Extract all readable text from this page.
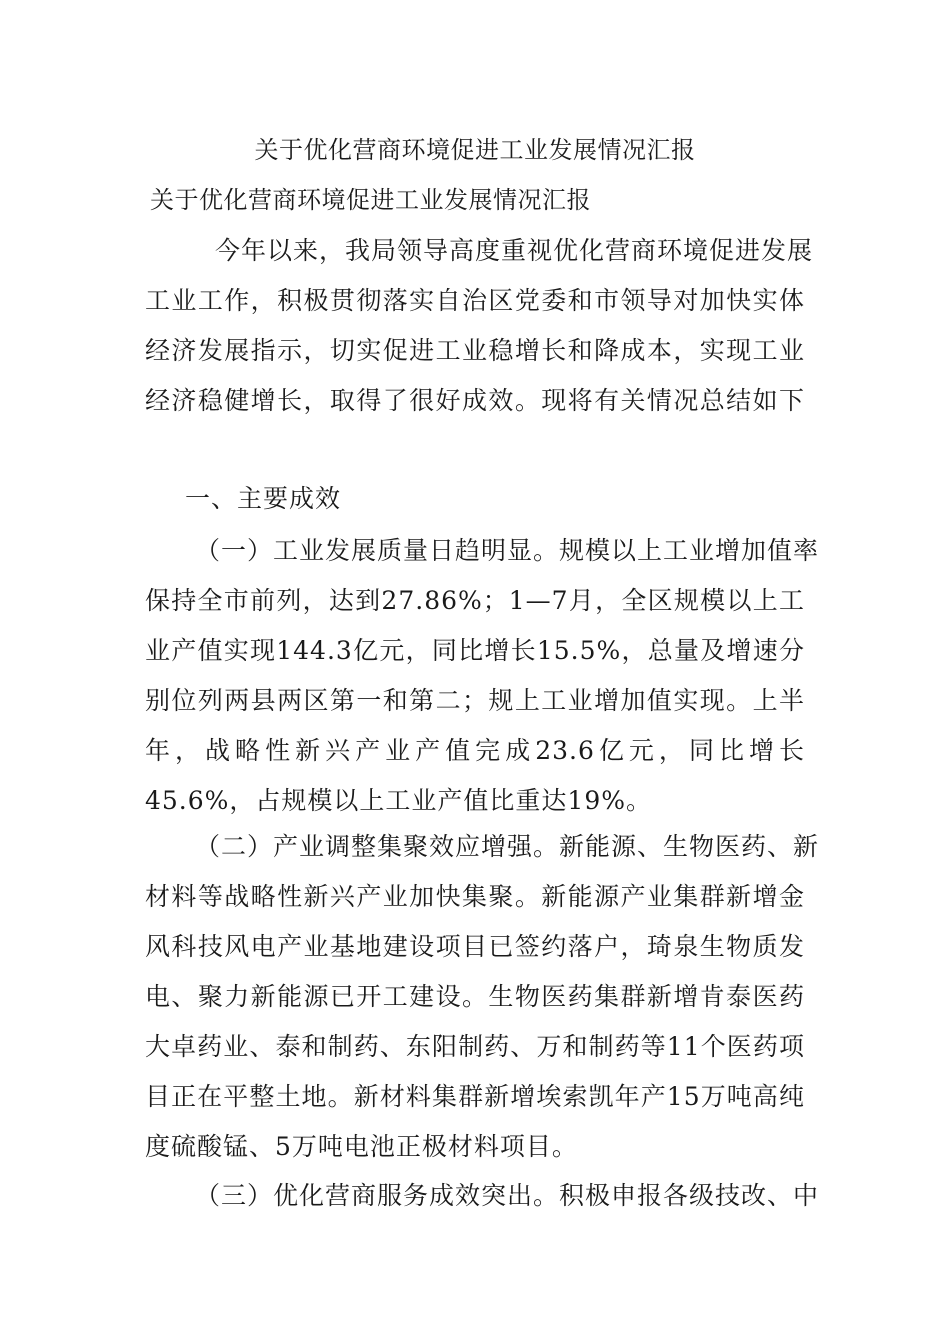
关于优化营商环境促进工业发展情况汇报
关于优化营商环境促进工业发展情况汇报
今年以来，我局领导高度重视优化营商环境促进发展
工业工作，积极贯彻落实自治区党委和市领导对加快实体
经济发展指示，切实促进工业稳增长和降成本，实现工业
经济稳健增长，取得了很好成效。现将有关情况总结如下
一、主要成效
（一）工业发展质量日趋明显。规模以上工业增加值率
保持全市前列，达到27.86%；1—7月，全区规模以上工
业产值实现144.3亿元，同比增长15.5%，总量及增速分
别位列两县两区第一和第二；规上工业增加值实现。上半
年，战略性新兴产业产值完成23.6亿元，同比增长
45.6%，占规模以上工业产值比重达19%。
（二）产业调整集聚效应增强。新能源、生物医药、新
材料等战略性新兴产业加快集聚。新能源产业集群新增金
风科技风电产业基地建设项目已签约落户，琦泉生物质发
电、聚力新能源已开工建设。生物医药集群新增肯泰医药
大卓药业、泰和制药、东阳制药、万和制药等11个医药项
目正在平整土地。新材料集群新增埃索凯年产15万吨高纯
度硫酸锰、5万吨电池正极材料项目。
（三）优化营商服务成效突出。积极申报各级技改、中
